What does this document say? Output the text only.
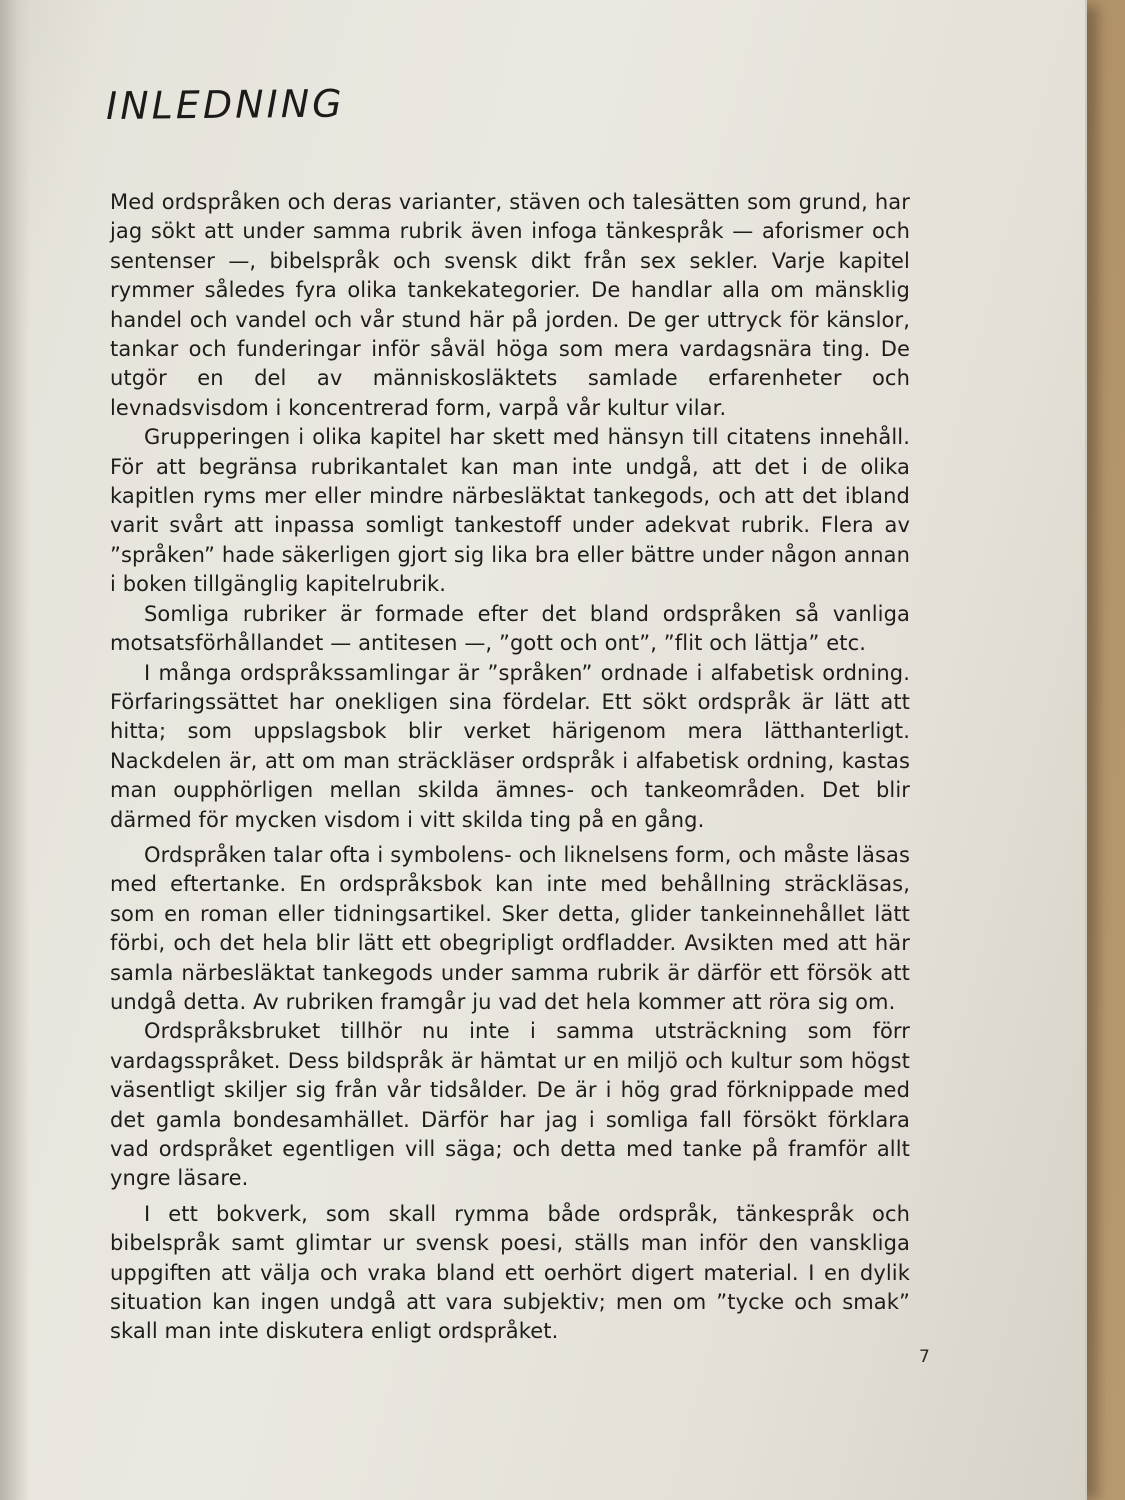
INLEDNING

Med ordspråken och deras varianter, stäven och talesätten som grund, har jag sökt att under samma rubrik även infoga tänkespråk — aforismer och sentenser —, bibelspråk och svensk dikt från sex sekler. Varje kapitel rymmer således fyra olika tankekategorier. De handlar alla om mänsklig handel och vandel och vår stund här på jorden. De ger uttryck för känslor, tankar och funderingar inför såväl höga som mera vardagsnära ting. De utgör en del av människosläktets samlade erfarenheter och levnadsvisdom i koncentrerad form, varpå vår kultur vilar.

Grupperingen i olika kapitel har skett med hänsyn till citatens innehåll. För att begränsa rubrikantalet kan man inte undgå, att det i de olika kapitlen ryms mer eller mindre närbesläktat tankegods, och att det ibland varit svårt att inpassa somligt tankestoff under adekvat rubrik. Flera av ”språken” hade säkerligen gjort sig lika bra eller bättre under någon annan i boken tillgänglig kapitelrubrik.

Somliga rubriker är formade efter det bland ordspråken så vanliga motsatsförhållandet — antitesen —, ”gott och ont”, ”flit och lättja” etc.

I många ordspråkssamlingar är ”språken” ordnade i alfabetisk ordning. Förfaringssättet har onekligen sina fördelar. Ett sökt ordspråk är lätt att hitta; som uppslagsbok blir verket härigenom mera lätthanterligt. Nackdelen är, att om man sträckläser ordspråk i alfabetisk ordning, kastas man oupphörligen mellan skilda ämnes- och tankeområden. Det blir därmed för mycken visdom i vitt skilda ting på en gång.

Ordspråken talar ofta i symbolens- och liknelsens form, och måste läsas med eftertanke. En ordspråksbok kan inte med behållning sträckläsas, som en roman eller tidningsartikel. Sker detta, glider tankeinnehållet lätt förbi, och det hela blir lätt ett obegripligt ordfladder. Avsikten med att här samla närbesläktat tankegods under samma rubrik är därför ett försök att undgå detta. Av rubriken framgår ju vad det hela kommer att röra sig om.

Ordspråksbruket tillhör nu inte i samma utsträckning som förr vardagsspråket. Dess bildspråk är hämtat ur en miljö och kultur som högst väsentligt skiljer sig från vår tidsålder. De är i hög grad förknippade med det gamla bondesamhället. Därför har jag i somliga fall försökt förklara vad ordspråket egentligen vill säga; och detta med tanke på framför allt yngre läsare.

I ett bokverk, som skall rymma både ordspråk, tänkespråk och bibelspråk samt glimtar ur svensk poesi, ställs man inför den vanskliga uppgiften att välja och vraka bland ett oerhört digert material. I en dylik situation kan ingen undgå att vara subjektiv; men om ”tycke och smak” skall man inte diskutera enligt ordspråket.

7
